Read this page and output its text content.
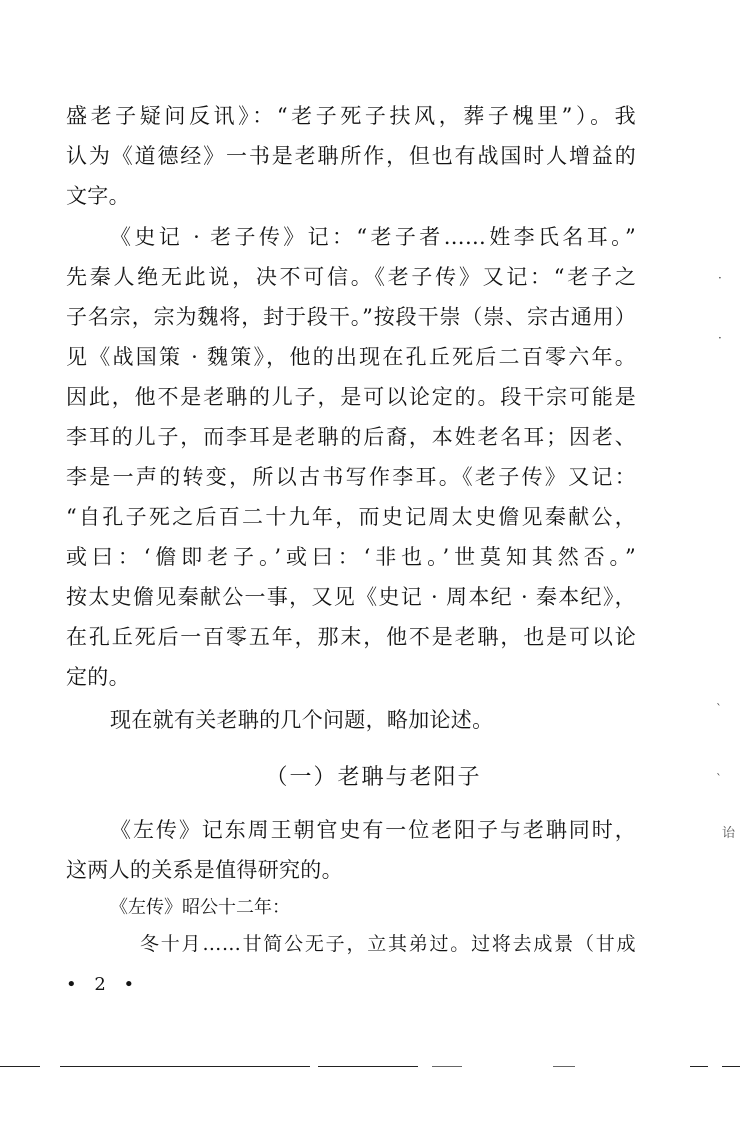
盛老子疑问反讯》：“老子死子扶风，葬子槐里”）。我
认为《道德经》一书是老聃所作，但也有战国时人增益的
文字。
《史记 · 老子传》记：“老子者……姓李氏名耳。”
先秦人绝无此说，决不可信。《老子传》又记：“老子之
子名宗，宗为魏将，封于段干。”按段干崇（崇、宗古通用）
见《战国策 · 魏策》，他的出现在孔丘死后二百零六年。
因此，他不是老聃的儿子，是可以论定的。段干宗可能是
李耳的儿子，而李耳是老聃的后裔，本姓老名耳；因老、
李是一声的转变，所以古书写作李耳。《老子传》又记：
“自孔子死之后百二十九年，而史记周太史儋见秦献公，
或曰：‘儋即老子。’或曰：‘非也。’世莫知其然否。”
按太史儋见秦献公一事，又见《史记 · 周本纪 · 秦本纪》，
在孔丘死后一百零五年，那末，他不是老聃，也是可以论
定的。
现在就有关老聃的几个问题，略加论述。
（一）老聃与老阳子
《左传》记东周王朝官史有一位老阳子与老聃同时，
这两人的关系是值得研究的。
《左传》昭公十二年：
冬十月……甘简公无子，立其弟过。过将去成景（甘成
• 2 •
·
·
`
`
诒
